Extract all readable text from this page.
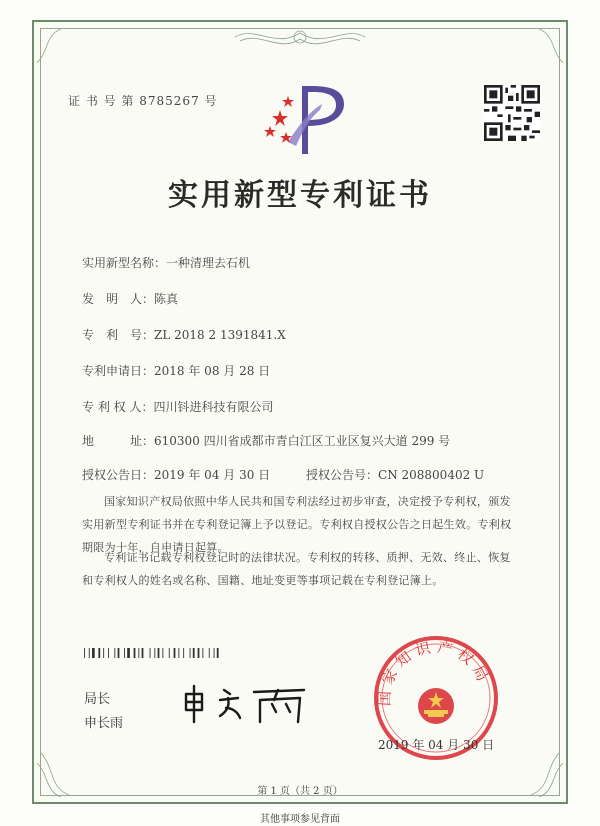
证 书 号 第 8785267 号
实用新型专利证书
实用新型名称：一种清理去石机
发　明　人：陈真
专　利　号：ZL 2018 2 1391841.X
专利申请日：2018 年 08 月 28 日
专 利 权 人：四川钭进科技有限公司
地　　　址：610300 四川省成都市青白江区工业区复兴大道 299 号
授权公告日：2019 年 04 月 30 日	授权公告号：CN 208800402 U
国家知识产权局依照中华人民共和国专利法经过初步审查，决定授予专利权，颁发实用新型专利证书并在专利登记簿上予以登记。专利权自授权公告之日起生效。专利权期限为十年，自申请日起算。
专利证书记载专利权登记时的法律状况。专利权的转移、质押、无效、终止、恢复和专利权人的姓名或名称、国籍、地址变更等事项记载在专利登记簿上。
局长
申长雨
国家知识产权局
2019 年 04 月 30 日
第 1 页（共 2 页）
其他事项参见背面
